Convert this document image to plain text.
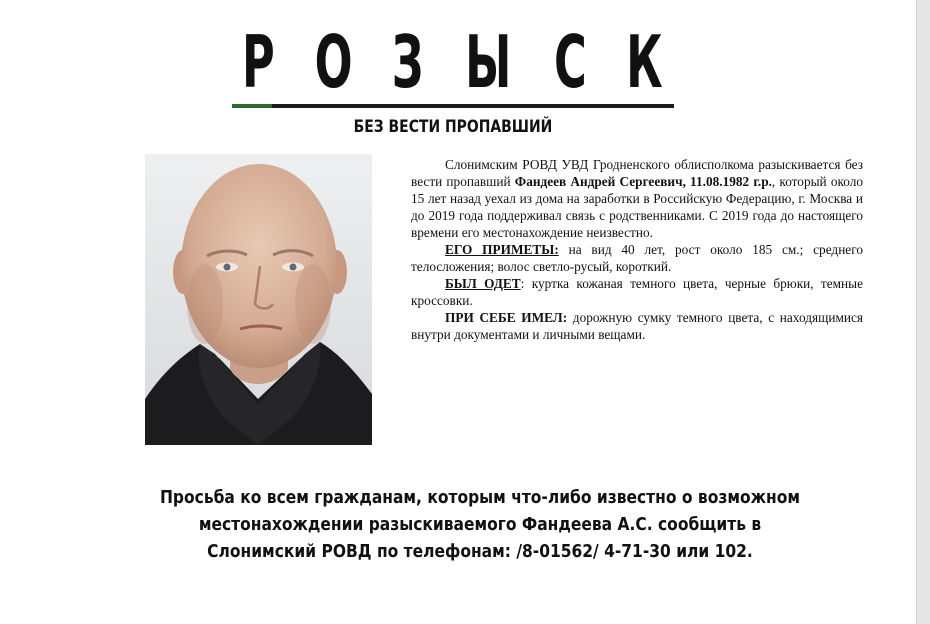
Р О З Ы С К
БЕЗ ВЕСТИ ПРОПАВШИЙ

Слонимским РОВД УВД Гродненского облисполкома разыскивается без вести пропавший Фандеев Андрей Сергеевич, 11.08.1982 г.р., который около 15 лет назад уехал из дома на заработки в Российскую Федерацию, г. Москва и до 2019 года поддерживал связь с родственниками. С 2019 года до настоящего времени его местонахождение неизвестно.

ЕГО ПРИМЕТЫ: на вид 40 лет, рост около 185 см.; среднего телосложения; волос светло-русый, короткий.

БЫЛ ОДЕТ: куртка кожаная темного цвета, черные брюки, темные кроссовки.

ПРИ СЕБЕ ИМЕЛ: дорожную сумку темного цвета, с находящимися внутри документами и личными вещами.

Просьба ко всем гражданам, которым что-либо известно о возможном
местонахождении разыскиваемого Фандеева А.С. сообщить в
Слонимский РОВД по телефонам: /8-01562/ 4-71-30 или 102.
